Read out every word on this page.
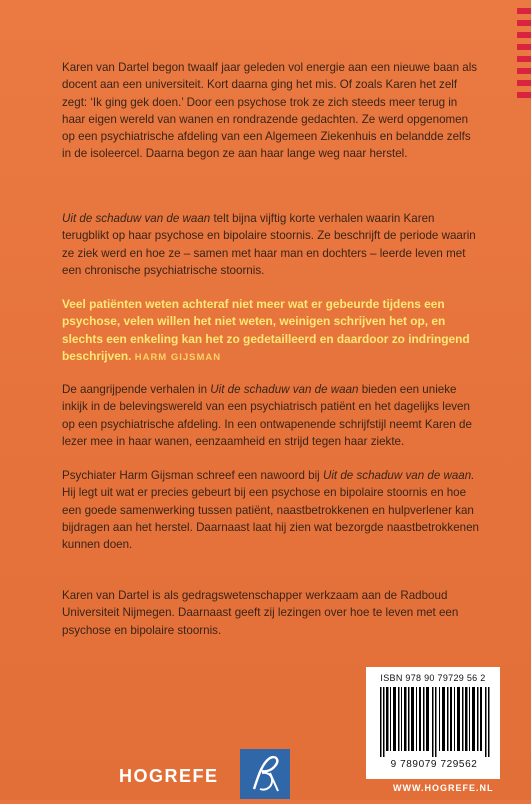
Karen van Dartel begon twaalf jaar geleden vol energie aan een nieuwe baan als docent aan een universiteit. Kort daarna ging het mis. Of zoals Karen het zelf zegt: ‘Ik ging gek doen.’ Door een psychose trok ze zich steeds meer terug in haar eigen wereld van wanen en rondrazende gedachten. Ze werd opgenomen op een psychiatrische afdeling van een Algemeen Ziekenhuis en belandde zelfs in de isoleercel. Daarna begon ze aan haar lange weg naar herstel.

Uit de schaduw van de waan telt bijna vijftig korte verhalen waarin Karen terugblikt op haar psychose en bipolaire stoornis. Ze beschrijft de periode waarin ze ziek werd en hoe ze – samen met haar man en dochters – leerde leven met een chronische psychiatrische stoornis.

Veel patiënten weten achteraf niet meer wat er gebeurde tijdens een psychose, velen willen het niet weten, weinigen schrijven het op, en slechts een enkeling kan het zo gedetailleerd en daardoor zo indringend beschrijven. HARM GIJSMAN

De aangrijpende verhalen in Uit de schaduw van de waan bieden een unieke inkijk in de belevingswereld van een psychiatrisch patiënt en het dagelijks leven op een psychiatrische afdeling. In een ontwapenende schrijfstijl neemt Karen de lezer mee in haar wanen, eenzaamheid en strijd tegen haar ziekte.

Psychiater Harm Gijsman schreef een nawoord bij Uit de schaduw van de waan. Hij legt uit wat er precies gebeurt bij een psychose en bipolaire stoornis en hoe een goede samenwerking tussen patiënt, naastbetrokkenen en hulpverlener kan bijdragen aan het herstel. Daarnaast laat hij zien wat bezorgde naastbetrokkenen kunnen doen.

Karen van Dartel is als gedragswetenschapper werkzaam aan de Radboud Universiteit Nijmegen. Daarnaast geeft zij lezingen over hoe te leven met een psychose en bipolaire stoornis.

ISBN 978 90 79729 56 2
9 789079 729562
HOGREFE
WWW.HOGREFE.NL
